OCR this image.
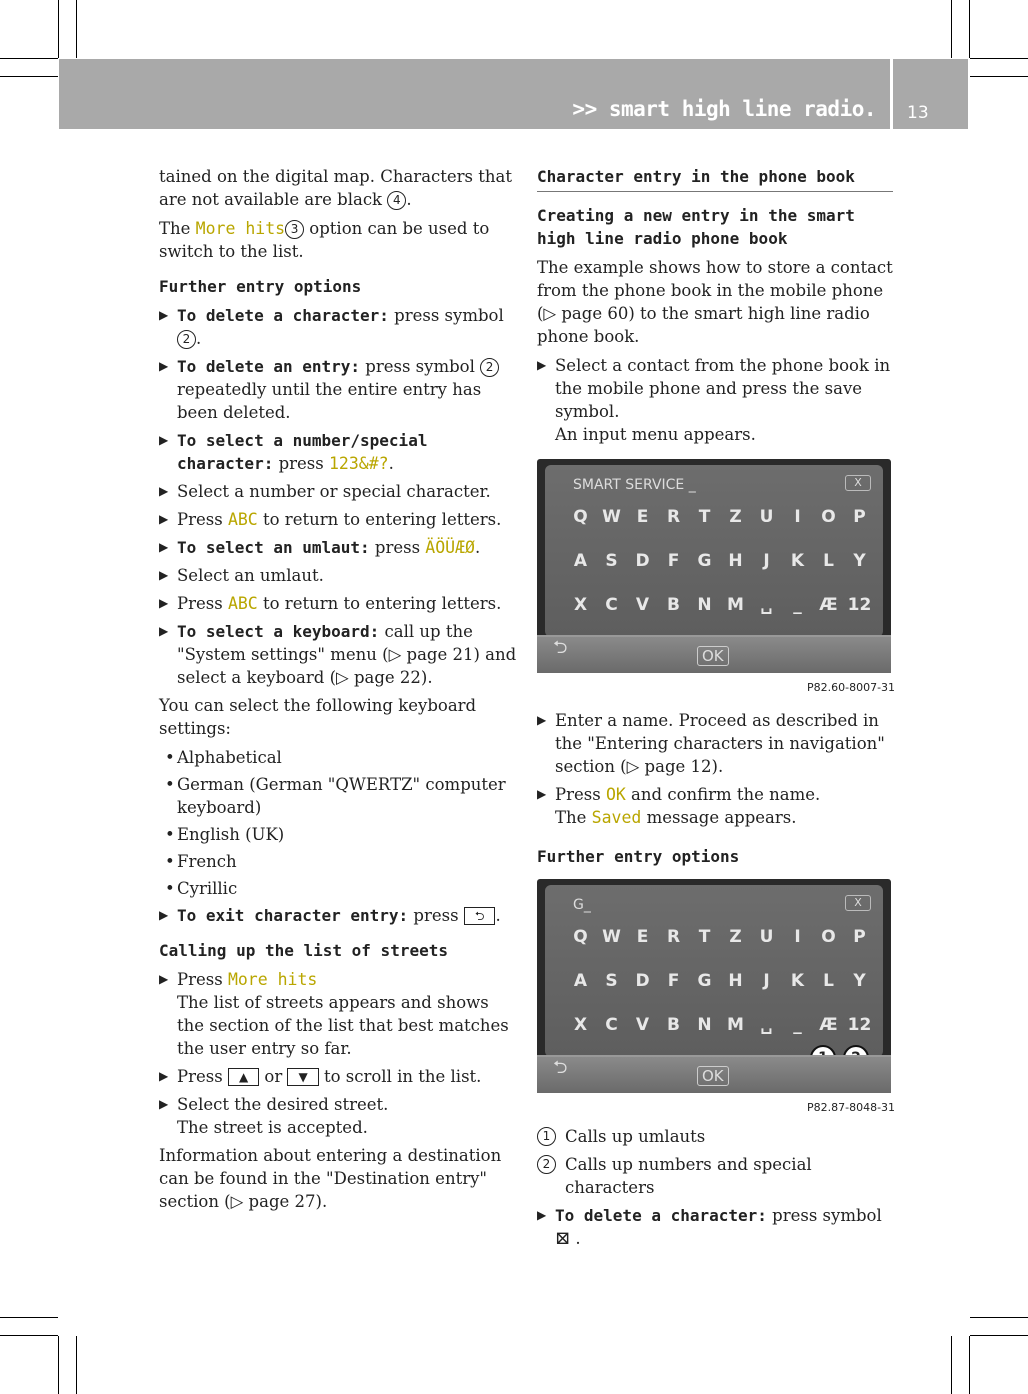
>> smart high line radio. 13

tained on the digital map. Characters that are not available are black 4 .

The More hits 3 option can be used to switch to the list.

Further entry options
▶ To delete a character: press symbol 2 .
▶ To delete an entry: press symbol 2 repeatedly until the entire entry has been deleted.
▶ To select a number/special character: press 123&#?.
▶ Select a number or special character.
▶ Press ABC to return to entering letters.
▶ To select an umlaut: press ÄÖÜÆØ.
▶ Select an umlaut.
▶ Press ABC to return to entering letters.
▶ To select a keyboard: call up the "System settings" menu (▷ page 21) and select a keyboard (▷ page 22).

You can select the following keyboard settings:

• Alphabetical
• German (German "QWERTZ" computer keyboard)
• English (UK)
• French
• Cyrillic
▶ To exit character entry: press ⮌ .
Calling up the list of streets
▶ Press More hits
The list of streets appears and shows the section of the list that best matches the user entry so far.
▶ Press ▲ or ▼ to scroll in the list.
▶ Select the desired street.
The street is accepted.

Information about entering a destination can be found in the "Destination entry" section (▷ page 27).

Character entry in the phone book
Creating a new entry in the smart high line radio phone book

The example shows how to store a contact from the phone book in the mobile phone (▷ page 60) to the smart high line radio phone book.

▶ Select a contact from the phone book in the mobile phone and press the save symbol.
An input menu appears.
SMART SERVICE _	X
Q W E	R	T	Z	U	I	O	P
A	S	D	F	G H	J	K	L	Y
X	C	V	B	N M ␣	_	Æ 12
⮌	OK
P82.60-8007-31
▶ Enter a name. Proceed as described in the "Entering characters in navigation" section (▷ page 12).
▶ Press OK and confirm the name.
The Saved message appears.
Further entry options
G_	X
Q W E	R	T	Z	U	I	O	P
A	S	D	F	G H	J	K	L	Y
X	C	V	B	N M ␣	_	Æ 12
⮌	OK
P82.87-8048-31
1 Calls up umlauts
2 Calls up numbers and special characters
▶ To delete a character: press symbol ⊠ .
